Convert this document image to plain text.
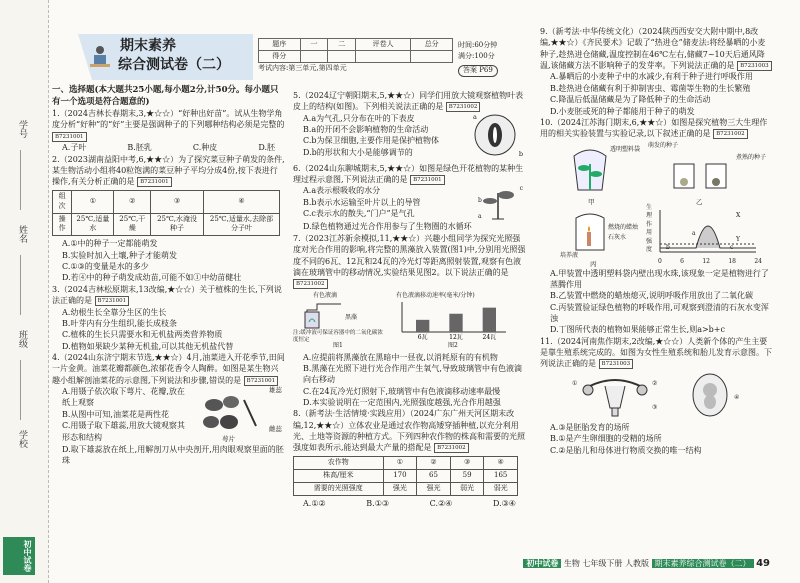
学号
姓名
班级
学校
初中试卷
期末素养
综合测试卷（二）
题序	一	二	评卷人	总分
得分				
时间:60分钟
满分:100分
考试内容:第三单元,第四单元	答案 P69

一、选择题(本大题共25小题,每小题2分,计50分。每小题只有一个选项是符合题意的)

1.（2024吉林长春期末,3,★☆☆）“好种出好苗”。试从生物学角度分析“好种”的“好”主要是强调种子的下列哪种结构必须是完整的 B7231001

A.子叶	B.胚乳	C.种皮	D.胚

2.（2023湖南益阳中考,6,★★☆）为了探究菜豆种子萌发的条件,某生物活动小组将40粒饱满的菜豆种子平均分成4份,按下表进行操作,有关分析正确的是 B7231001

组次	①	②	③	④
操作	25℃,适量水	25℃,干燥	25℃,水淹没种子	25℃,适量水,去除部分子叶

A.①中的种子一定都能萌发

B.实验时加入土壤,种子才能萌发

C.①③的变量是水的多少

D.若④中的种子萌发成幼苗,可能不如①中幼苗健壮

3.（2024吉林松原期末,13改编,★☆☆）关于植株的生长,下列说法正确的是 B7231001

A.幼根生长全靠分生区的生长

B.叶芽内有分生组织,能长成枝条

C.植株的生长只需要水和无机盐两类营养物质

D.植物如果缺少某种无机盐,可以其他无机盐代替

4.（2024山东济宁期末节选,★★☆）4月,油菜进入开花季节,田间一片金黄。油菜花瓣都颜色,浓郁花香令人陶醉。如图是某生物兴趣小组解剖油菜花的示意图,下列说法和步骤,错误的是 B7231001

A.用镊子依次取下萼片、花瓣,放在纸上观察

B.从图中可知,油菜花是两性花

C.用镊子取下雄蕊,用放大镜观察其形态和结构

雄蕊
萼片
雌蕊

D.取下雄蕊放在纸上,用解剖刀从中央剖开,用肉眼观察里面的胚珠

5.（2024辽宁朝阳期末,5,★★☆）同学们用放大镜观察植物叶表皮上的结构(如图)。下列相关说法正确的是 B7231002

A.a为气孔,只分布在叶的下表皮

B.a的开闭不会影响植物的生命活动

C.b为保卫细胞,主要作用是保护植物体

D.b的形状和大小是能够调节的

a
b

6.（2024山东聊城期末,5,★★☆）如图是绿色开花植物的某种生理过程示意图,下列说法正确的是 B7231001

A.a表示根吸收的水分

B.b表示水运输至叶片以上的导管

C.c表示水的散失,“门户”是气孔

c
b
a

D.绿色植物通过光合作用参与了生物圈的水循环

7.（2023江苏新余模拟,11,★★☆）兴趣小组同学为探究光照强度对光合作用的影响,将完整的黑藻放入装置(图1)中,分别用光照强度不同的6瓦、12瓦和24瓦的冷光灯等距离照射装置,观察有色液滴在玻璃管中的移动情况,实验结果见图2。以下说法正确的是 B7231002

有色液滴
黑藻
注:缓冲液可保证容器中的二氧化碳浓度恒定
图1
有色液滴移动速率(毫米/分钟)
6瓦	12瓦	24瓦
图2

A.应提前将黑藻放在黑暗中一昼夜,以消耗原有的有机物

B.黑藻在光照下进行光合作用产生氧气,导致玻璃管中有色液滴向右移动

C.在24瓦冷光灯照射下,玻璃管中有色液滴移动速率最慢

D.本实验说明在一定范围内,光照强度越强,光合作用越强

8.（新考法·生活情境·实践应用）（2024广东广州天河区期末改编,12,★★☆）立体农业是通过农作物高矮穿插种植,以充分利用光、土地等资源的种植方式。下列四种农作物的株高和需要的光照强度如表所示,能达到最大产量的搭配是 B7231002

农作物	①	②	③	④
株高/厘米	170	65	59	165
需要的光照强度	强光	强光	弱光	弱光
A.①②	B.①③	C.②④	D.③④

9.（新考法·中华传统文化）（2024陕西西安交大附中期中,8改编,★★☆）《齐民要术》记载了“热进仓”储麦法:将经暴晒的小麦种子,趁热进仓储藏,温度控制在46℃左右,储藏7~10天后通风降温,该储藏方法不影响种子的发芽率。下列说法正确的是 B7231003

A.暴晒后的小麦种子中的水减少,有利于种子进行呼吸作用

B.趁热进仓储藏有利于抑制害虫、霉菌等生物的生长繁殖

C.降温后低温储藏是为了降低种子的生命活动

D.小麦胚或死的种子都能用于种子的萌发

10.（2024江苏海门期末,6,★★☆）如图是探究植物三大生理作用的相关实验装置与实验记录,以下叙述正确的是 B7231002

透明塑料袋
甲
萌发的种子
煮熟的种子
乙
燃烧的蜡烛
石灰水
培养液
丙
生理作用强度
0	6	12	18	24
X
Y
a
b	c

A.甲装置中透明塑料袋内壁出现水珠,该现象一定是植物进行了蒸腾作用

B.乙装置中燃烧的蜡烛熄灭,说明呼吸作用放出了二氧化碳

C.丙装置验证绿色植物的呼吸作用,可观察到澄清的石灰水变浑浊

D.丁图所代表的植物如果能够正常生长,则a>b+c

11.（2024河南焦作期末,2改编,★☆☆）人类新个体的产生主要是靠生殖系统完成的。如图为女性生殖系统和胎儿发育示意图。下列说法正确的是 B7231003

①	②
③
④

A.③是胚胎发育的场所

B.①是产生卵细胞的受精的场所

C.②是胎儿和母体进行物质交换的唯一结构

初中试卷 生物 七年级下册 人教版 期末素养综合测试卷（二） 49
